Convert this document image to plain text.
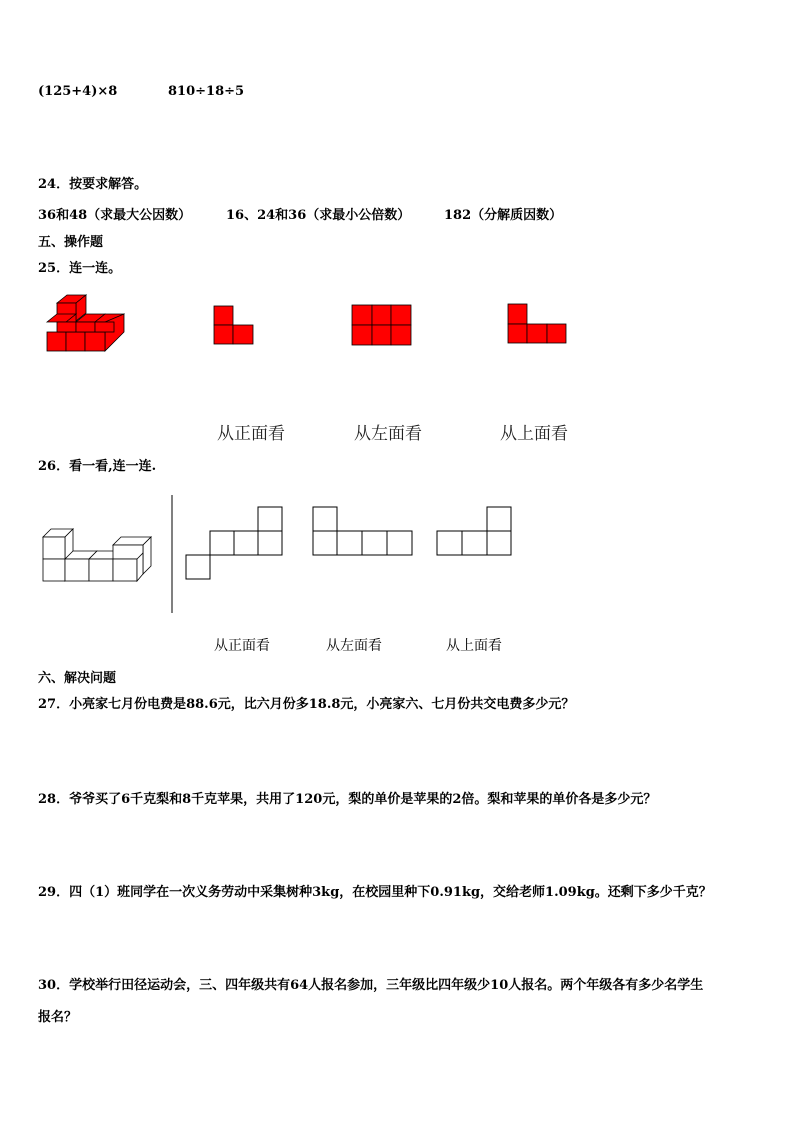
(125+4)×8	810÷18÷5
24．按要求解答。
36和48（求最大公因数）	16、24和36（求最小公倍数）	182（分解质因数）
五、操作题
25．连一连。
从正面看	从左面看	从上面看
26．看一看,连一连.
从正面看	从左面看	从上面看
六、解决问题
27．小亮家七月份电费是88.6元，比六月份多18.8元，小亮家六、七月份共交电费多少元？
28．爷爷买了6千克梨和8千克苹果，共用了120元，梨的单价是苹果的2倍。梨和苹果的单价各是多少元？
29．四（1）班同学在一次义务劳动中采集树种3kg，在校园里种下0.91kg，交给老师1.09kg。还剩下多少千克？
30．学校举行田径运动会，三、四年级共有64人报名参加，三年级比四年级少10人报名。两个年级各有多少名学生
报名？
